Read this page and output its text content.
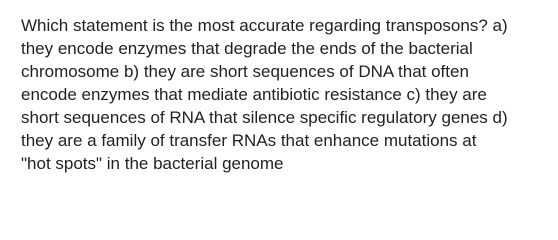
Which statement is the most accurate regarding transposons? a)
they encode enzymes that degrade the ends of the bacterial
chromosome b) they are short sequences of DNA that often
encode enzymes that mediate antibiotic resistance c) they are
short sequences of RNA that silence specific regulatory genes d)
they are a family of transfer RNAs that enhance mutations at
"hot spots" in the bacterial genome
